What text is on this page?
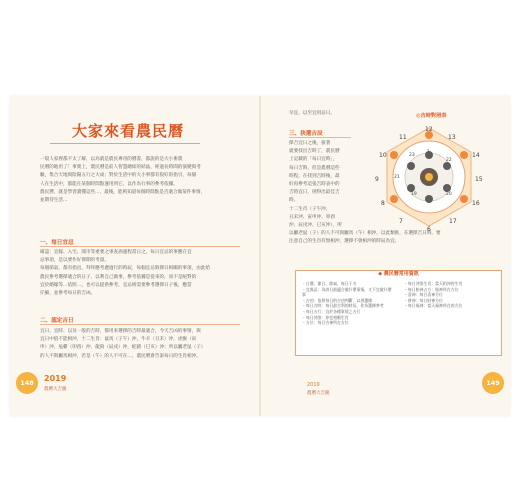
大家來看農民曆
一般人家裡都不太了解，以為就是農民專用的曆書，都說的是大小術農
民曆的地用了！事實上，農民曆是前人智慧總結的結晶，經過長時間的演變與考
驗，集合天地與陰陽五行之大成；對於生活中的大小事都有很好的指引，每個
人在生活中，都能在某個時間點運用到它，以作為行事的參考依據。
農民曆，就是學習讀懂這些...，最後，能夠知道每個時間點是否適合做某件事情，
並期待生活...
一、每日宜忌
確認：宜嫁、入宅、開市等重要之事查詢運程當日之，每日宜忌的事應在宜
忌事項，是以要作好擇期的考量。
每個節氣，都有指出，拜拜應考慮過行的時辰，每個宜忌與擇日相關的事項，由此給
農民參考選擇適合的日子，以利自己做事，參考依據是從來的，而不是絕對的
宜於婚嫁等…依照…，也可以提供參考，宜忌則需要參考選擇日子後，應當
仔細，並參考每日的吉凶。
二、認定吉日
宜日、宜時、以及一般的吉時，都用來選擇的吉時最適合，今天吉凶的事情，與
宜日中值不能相沖，十二生肖：鼠馬（子午）沖，牛羊（丑未）沖，虎猴（寅
申）沖，兔雞（卯酉）沖，龍狗（辰戌）沖，蛇豬（巳亥）沖；所以屬老鼠（子）
的人不與屬馬相沖，若是（午）的人不可在…，農民曆會告訴每日的生肖相沖。
148	2019
農曆大吉慶
早宜，以至宜用忌日。
三、抉選吉辰
擇吉宜日之後，接著
就要找出吉時了，農民曆
上記載的「每日宜時」，
每日吉時，但是農曆這些
時程，在找到吉時後，最
好再參考這張吉時表中的
吉時宜日，則得出最佳吉
時。
十二生肖（子午沖、
丑未沖、寅申沖、卯酉
沖、辰戌沖、巳亥沖），所
以屬老鼠（子）的人不可與屬馬（午）相沖，以此類推，在選擇吉日時，要
注意自己的生肖有無相沖，選擇不會相沖的時辰為宜。
◎吉時對照表
12
13
14
15
16
17
6
7
8
9
10
11
1
21
23
19
22
20
◆ 農民曆常用資訊
・日曆、節日、節氣、每日干支
・宜與忌：為該日最適合做什麼事情，又不宜做什麼事
・吉凶：依照每日的吉凶判斷，以供選擇
・每日吉時：每日最吉利的時辰，作為選擇參考
・每日五行：宜於各種事情之五行
・每日沖煞：沖犯相衝生肖
・方位：每日吉神所在方位
・每日沖煞生肖：當天相沖的生肖
・每日胎神占方：胎神所在方位
・喜神：每日喜神方位
・財神：每日財神方位
・每日福神：當天福神所在的方位
2019
農曆大吉慶
149
